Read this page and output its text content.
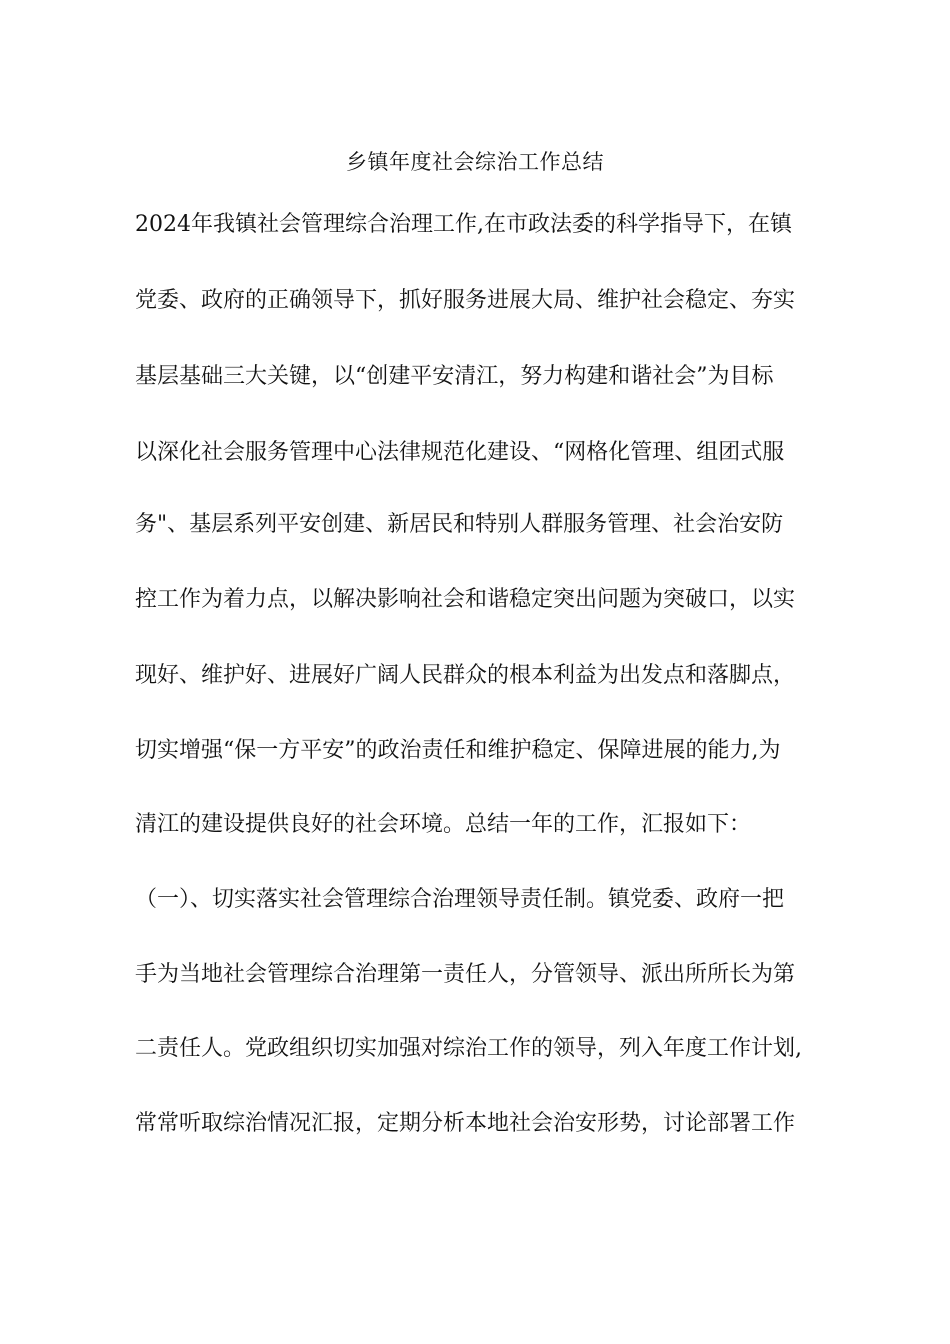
乡镇年度社会综治工作总结
2024年我镇社会管理综合治理工作,在市政法委的科学指导下，在镇
党委、政府的正确领导下，抓好服务进展大局、维护社会稳定、夯实
基层基础三大关键，以“创建平安清江，努力构建和谐社会”为目标
以深化社会服务管理中心法律规范化建设、“网格化管理、组团式服
务"、基层系列平安创建、新居民和特别人群服务管理、社会治安防
控工作为着力点，以解决影响社会和谐稳定突出问题为突破口，以实
现好、维护好、进展好广阔人民群众的根本利益为出发点和落脚点，
切实增强“保一方平安”的政治责任和维护稳定、保障进展的能力,为
清江的建设提供良好的社会环境。总结一年的工作，汇报如下：
（一）、切实落实社会管理综合治理领导责任制。镇党委、政府一把
手为当地社会管理综合治理第一责任人，分管领导、派出所所长为第
二责任人。党政组织切实加强对综治工作的领导，列入年度工作计划,
常常听取综治情况汇报，定期分析本地社会治安形势，讨论部署工作
